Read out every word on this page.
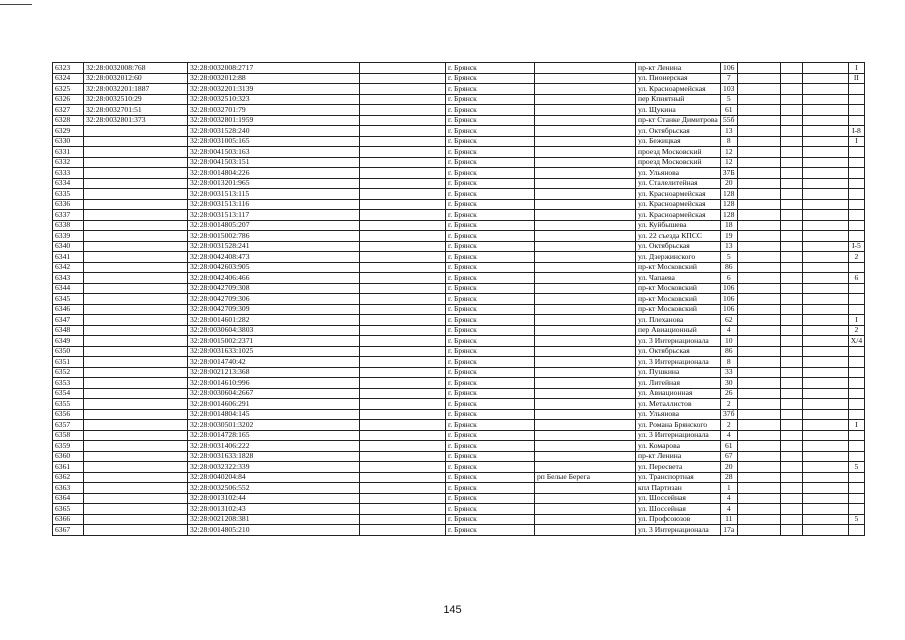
6323	32:28:0032008:768	32:28:0032008:2717		г. Брянск		пр-кт Ленина	106				I
6324	32:28:0032012:60	32:28:0032012:88		г. Брянск		ул. Пионерская	7				II
6325	32:28:0032201:1887	32:28:0032201:3139		г. Брянск		ул. Красноармейская	103				
6326	32:28:0032510:29	32:28:0032510:323		г. Брянск		пер Кпнятный	5				
6327	32:28:0032701:51	32:28:0032701:79		г. Брянск		ул. Щукина	61				
6328	32:28:0032801:373	32:28:0032801:1959		г. Брянск		пр-кт Станке Димитрова	55б				
6329		32:28:0031528:240		г. Брянск		ул. Октябрьская	13				I-8
6330		32:28:0031005:165		г. Брянск		ул. Бежицкая	8				I
6331		32:28:0041503:163		г. Брянск		проезд Московский	12				
6332		32:28:0041503:151		г. Брянск		проезд Московский	12				
6333		32:28:0014804:226		г. Брянск		ул. Ульянова	37Б				
6334		32:28:0013201:965		г. Брянск		ул. Сталелитейная	20				
6335		32:28:0031513:115		г. Брянск		ул. Красноармейская	128				
6336		32:28:0031513:116		г. Брянск		ул. Красноармейская	128				
6337		32:28:0031513:117		г. Брянск		ул. Красноармейская	128				
6338		32:28:0014805:207		г. Брянск		ул. Куйбышева	18				
6339		32:28:0015002:786		г. Брянск		ул. 22 съезда КПСС	19				
6340		32:28:0031528:241		г. Брянск		ул. Октябрьская	13				I-5
6341		32:28:0042408:473		г. Брянск		ул. Дзержинского	5				2
6342		32:28:0042603:905		г. Брянск		пр-кт Московский	86				
6343		32:28:0042406:466		г. Брянск		ул. Чапаева	6				6
6344		32:28:0042709:308		г. Брянск		пр-кт Московский	106				
6345		32:28:0042709:306		г. Брянск		пр-кт Московский	106				
6346		32:28:0042709:309		г. Брянск		пр-кт Московский	106				
6347		32:28:0014601:282		г. Брянск		ул. Плеханова	62				I
6348		32:28:0030604:3803		г. Брянск		пер Авиационный	4				2
6349		32:28:0015002:2371		г. Брянск		ул. 3 Интернационала	10				X/4
6350		32:28:0031633:1025		г. Брянск		ул. Октябрьская	86				
6351		32:28:0014740:42		г. Брянск		ул. 3 Интернационала	8				
6352		32:28:0021213:368		г. Брянск		ул. Пушкина	33				
6353		32:28:0014610:996		г. Брянск		ул. Литейная	30				
6354		32:28:0030604:2667		г. Брянск		ул. Авиационная	26				
6355		32:28:0014606:291		г. Брянск		ул. Металлистов	2				
6356		32:28:0014804:145		г. Брянск		ул. Ульянова	37б				
6357		32:28:0030501:3202		г. Брянск		ул. Романа Брянского	2				I
6358		32:28:0014728:165		г. Брянск		ул. 3 Интернационала	4				
6359		32:28:0031406:222		г. Брянск		ул. Комарова	61				
6360		32:28:0031633:1828		г. Брянск		пр-кт Ленина	67				
6361		32:28:0032322:339		г. Брянск		ул. Пересвета	20				5
6362		32:28:0040204:84		г. Брянск	рп Белые Берега	ул. Транспортная	28				
6363		32:28:0032506:552		г. Брянск		кпл Партизан	1				
6364		32:28:0013102:44		г. Брянск		ул. Шоссейная	4				
6365		32:28:0013102:43		г. Брянск		ул. Шоссейная	4				
6366		32:28:0021208:381		г. Брянск		ул. Профсоюзов	11				5
6367		32:28:0014805:210		г. Брянск		ул. 3 Интернационала	17а				
145
